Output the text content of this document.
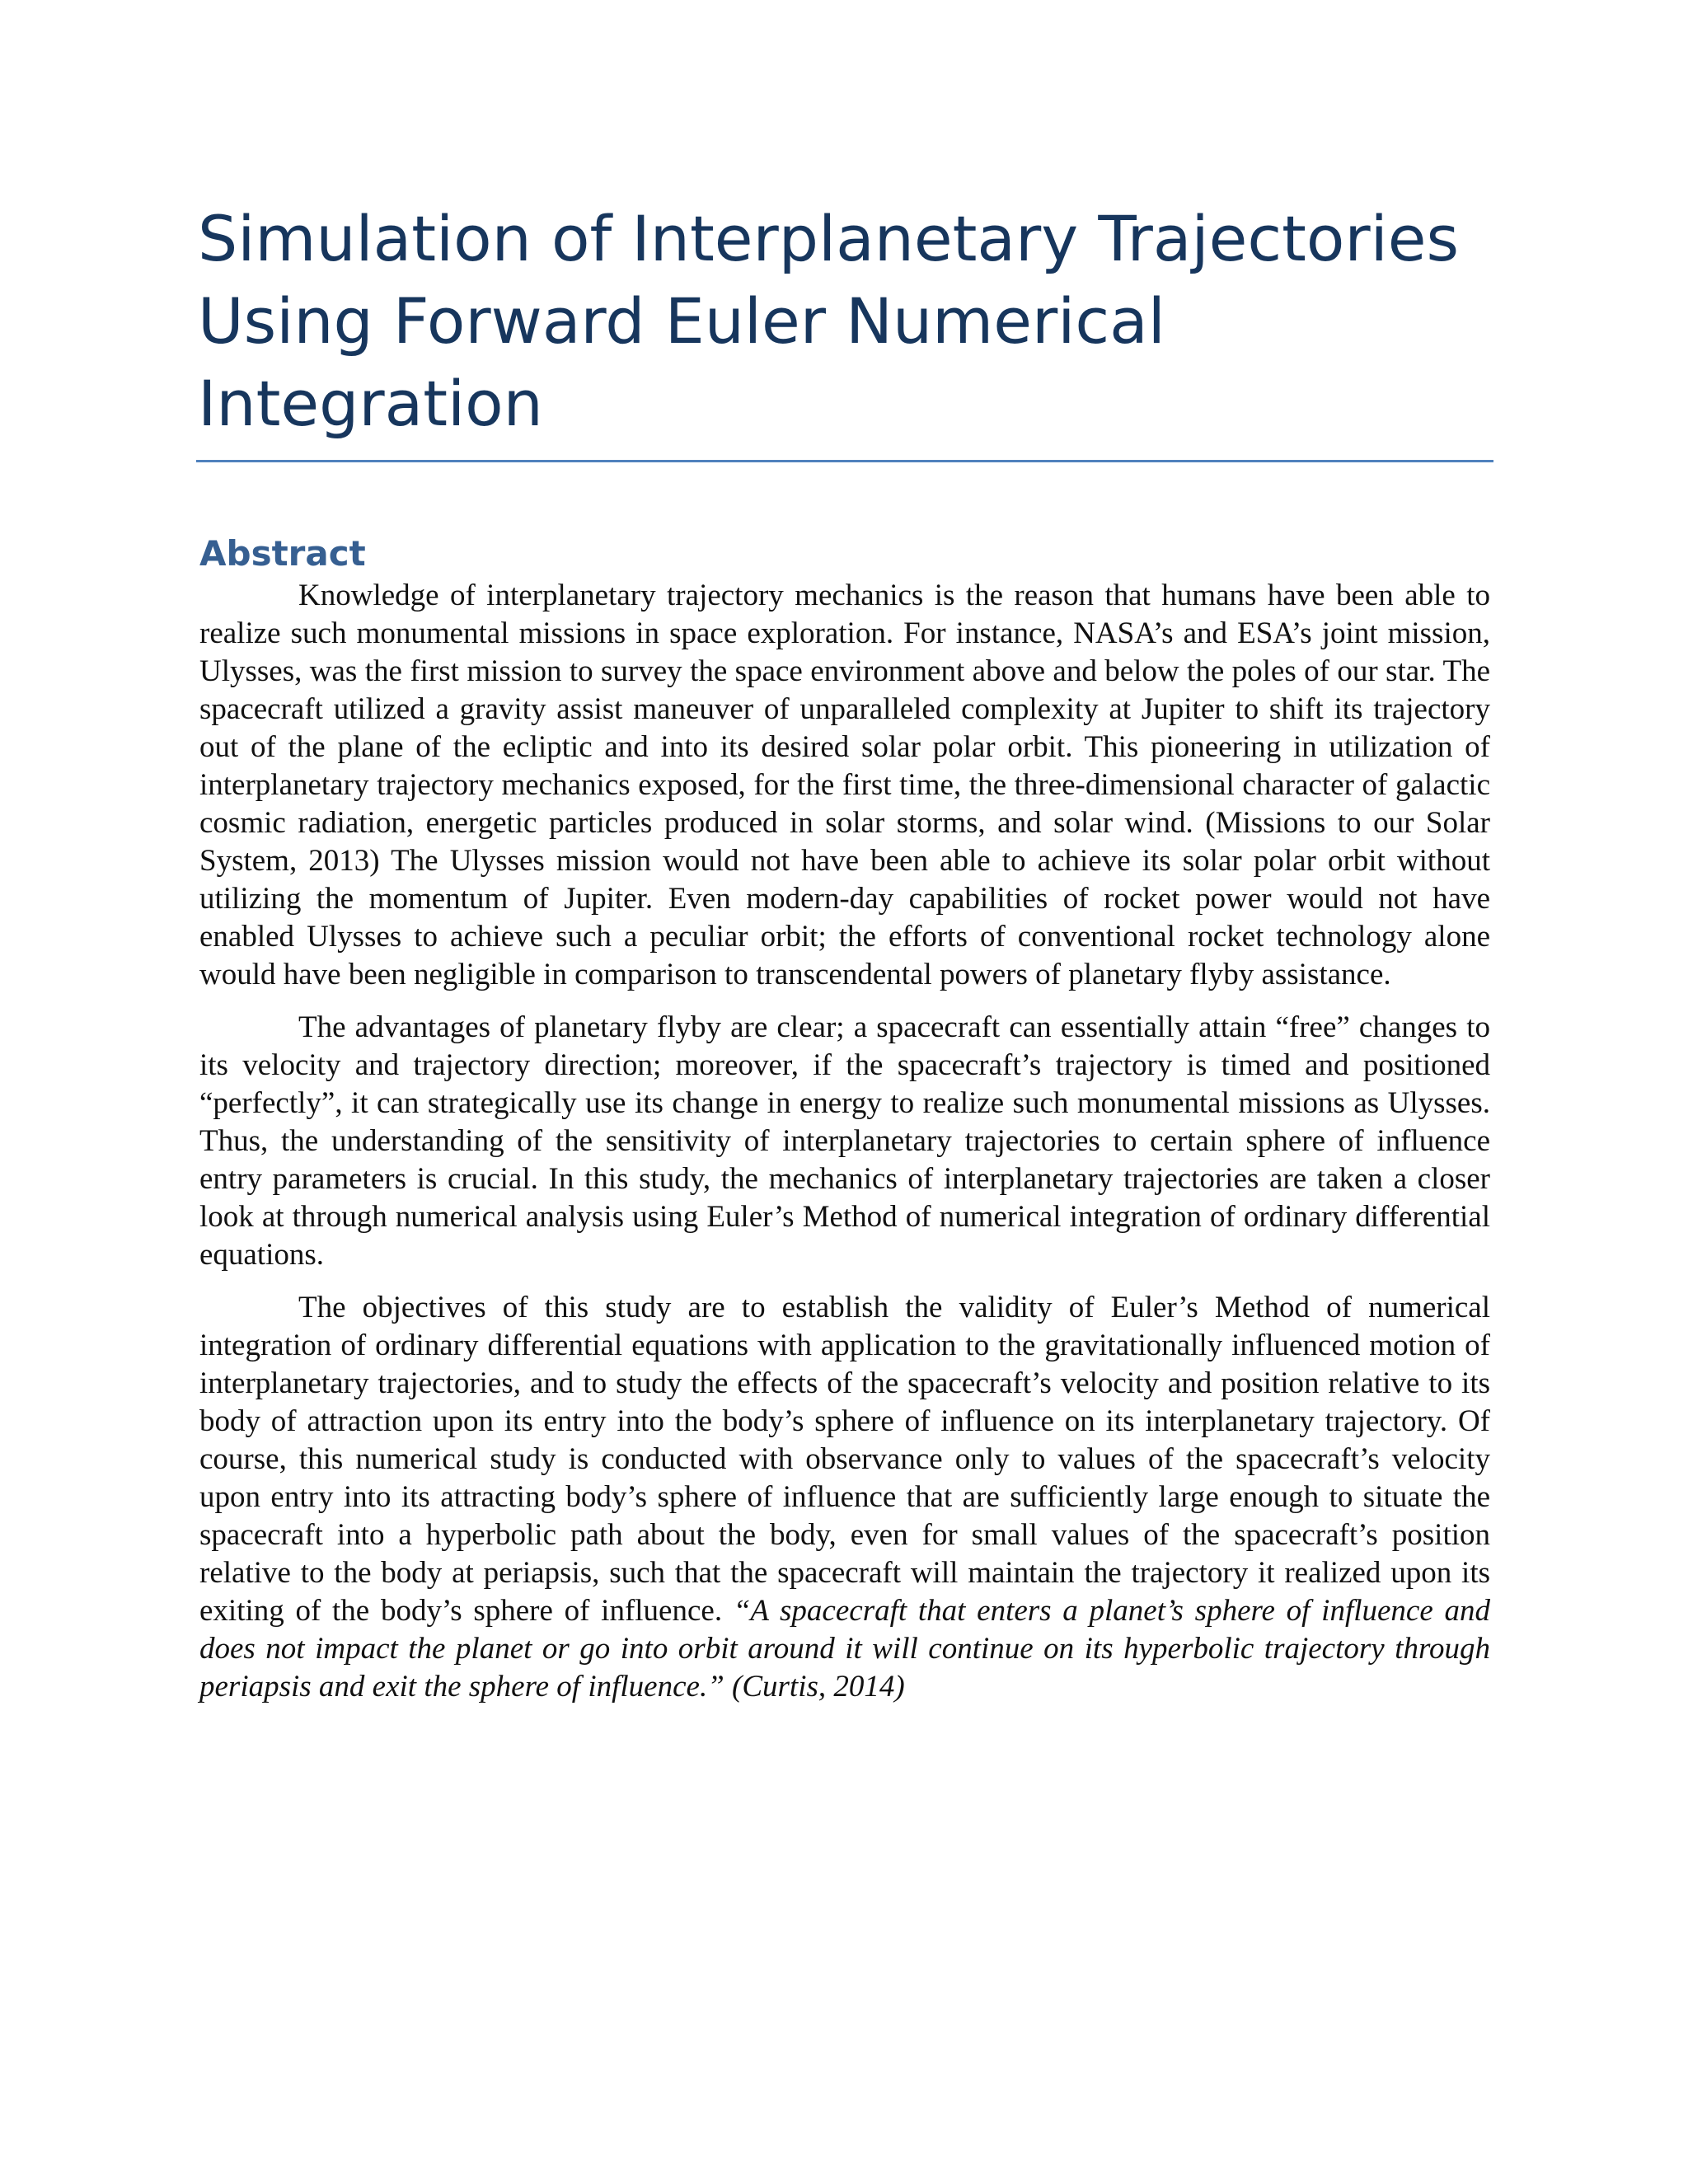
Simulation of Interplanetary Trajectories
Using Forward Euler Numerical
Integration
Abstract

Knowledge of interplanetary trajectory mechanics is the reason that humans have been able to realize such monumental missions in space exploration. For instance, NASA’s and ESA’s joint mission, Ulysses, was the first mission to survey the space environment above and below the poles of our star. The spacecraft utilized a gravity assist maneuver of unparalleled complexity at Jupiter to shift its trajectory out of the plane of the ecliptic and into its desired solar polar orbit. This pioneering in utilization of interplanetary trajectory mechanics exposed, for the first time, the three-dimensional character of galactic cosmic radiation, energetic particles produced in solar storms, and solar wind. (Missions to our Solar System, 2013) The Ulysses mission would not have been able to achieve its solar polar orbit without utilizing the momentum of Jupiter. Even modern-day capabilities of rocket power would not have enabled Ulysses to achieve such a peculiar orbit; the efforts of conventional rocket technology alone would have been negligible in comparison to transcendental powers of planetary flyby assistance.

The advantages of planetary flyby are clear; a spacecraft can essentially attain “free” changes to its velocity and trajectory direction; moreover, if the spacecraft’s trajectory is timed and positioned “perfectly”, it can strategically use its change in energy to realize such monumental missions as Ulysses. Thus, the understanding of the sensitivity of interplanetary trajectories to certain sphere of influence entry parameters is crucial. In this study, the mechanics of interplanetary trajectories are taken a closer look at through numerical analysis using Euler’s Method of numerical integration of ordinary differential equations.

The objectives of this study are to establish the validity of Euler’s Method of numerical integration of ordinary differential equations with application to the gravitationally influenced motion of interplanetary trajectories, and to study the effects of the spacecraft’s velocity and position relative to its body of attraction upon its entry into the body’s sphere of influence on its interplanetary trajectory. Of course, this numerical study is conducted with observance only to values of the spacecraft’s velocity upon entry into its attracting body’s sphere of influence that are sufficiently large enough to situate the spacecraft into a hyperbolic path about the body, even for small values of the spacecraft’s position relative to the body at periapsis, such that the spacecraft will maintain the trajectory it realized upon its exiting of the body’s sphere of influence. “A spacecraft that enters a planet’s sphere of influence and does not impact the planet or go into orbit around it will continue on its hyperbolic trajectory through periapsis and exit the sphere of influence.” (Curtis, 2014)
